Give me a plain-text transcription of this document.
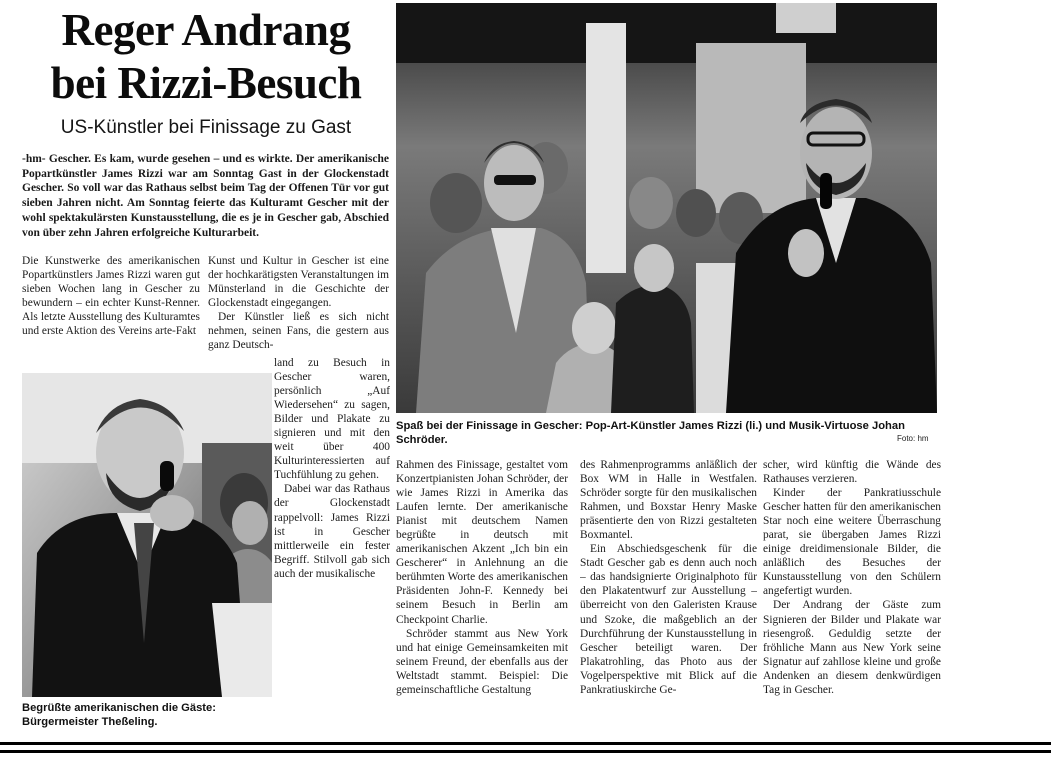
Reger Andrang
bei Rizzi-Besuch
US-Künstler bei Finissage zu Gast
-hm- Gescher. Es kam, wurde gesehen – und es wirkte. Der amerikanische Popartkünstler James Rizzi war am Sonntag Gast in der Glockenstadt Gescher. So voll war das Rathaus selbst beim Tag der Offenen Tür vor gut sieben Jahren nicht. Am Sonntag feierte das Kulturamt Gescher mit der wohl spektakulärsten Kunstausstellung, die es je in Gescher gab, Abschied von über zehn Jahren erfolgreiche Kulturarbeit.

Die Kunstwerke des amerikanischen Popartkünstlers James Rizzi waren gut sieben Wochen lang in Gescher zu bewundern – ein echter Kunst-Renner. Als letzte Ausstellung des Kulturamtes und erste Aktion des Vereins arte-Fakt

Kunst und Kultur in Gescher ist eine der hochkarätigsten Veranstaltungen im Münsterland in die Geschichte der Glockenstadt eingegangen.

Der Künstler ließ es sich nicht nehmen, seinen Fans, die gestern aus ganz Deutsch-

land zu Besuch in Gescher waren, persönlich „Auf Wiedersehen“ zu sagen, Bilder und Plakate zu signieren und mit den weit über 400 Kulturinteressierten auf Tuchfühlung zu gehen.

Dabei war das Rathaus der Glockenstadt rappelvoll: James Rizzi ist in Gescher mittlerweile ein fester Begriff. Stilvoll gab sich auch der musikalische

Begrüßte amerikanischen die Gäste: Bürgermeister Theßeling.
Spaß bei der Finissage in Gescher: Pop-Art-Künstler James Rizzi (li.) und Musik-Virtuose Johan Schröder.	Foto: hm

Rahmen des Finissage, gestaltet vom Konzertpianisten Johan Schröder, der wie James Rizzi in Amerika das Laufen lernte. Der amerikanische Pianist mit deutschem Namen begrüßte in deutsch mit amerikanischen Akzent „Ich bin ein Gescherer“ in Anlehnung an die berühmten Worte des amerikanischen Präsidenten John-F. Kennedy bei seinem Besuch in Berlin am Checkpoint Charlie.

Schröder stammt aus New York und hat einige Gemeinsamkeiten mit seinem Freund, der ebenfalls aus der Weltstadt stammt. Beispiel: Die gemeinschaftliche Gestaltung

des Rahmenprogramms anläßlich der Box WM in Halle in Westfalen. Schröder sorgte für den musikalischen Rahmen, und Boxstar Henry Maske präsentierte den von Rizzi gestalteten Boxmantel.

Ein Abschiedsgeschenk für die Stadt Gescher gab es denn auch noch – das handsignierte Originalphoto für den Plakatentwurf zur Ausstellung – überreicht von den Galeristen Krause und Szoke, die maßgeblich an der Durchführung der Kunstausstellung in Gescher beteiligt waren. Der Plakatrohling, das Photo aus der Vogelperspektive mit Blick auf die Pankratiuskirche Ge-

scher, wird künftig die Wände des Rathauses verzieren.

Kinder der Pankratiusschule Gescher hatten für den amerikanischen Star noch eine weitere Überraschung parat, sie übergaben James Rizzi einige dreidimensionale Bilder, die anläßlich des Besuches der Kunstausstellung von den Schülern angefertigt wurden.

Der Andrang der Gäste zum Signieren der Bilder und Plakate war riesengroß. Geduldig setzte der fröhliche Mann aus New York seine Signatur auf zahllose kleine und große Andenken an diesem denkwürdigen Tag in Gescher.
